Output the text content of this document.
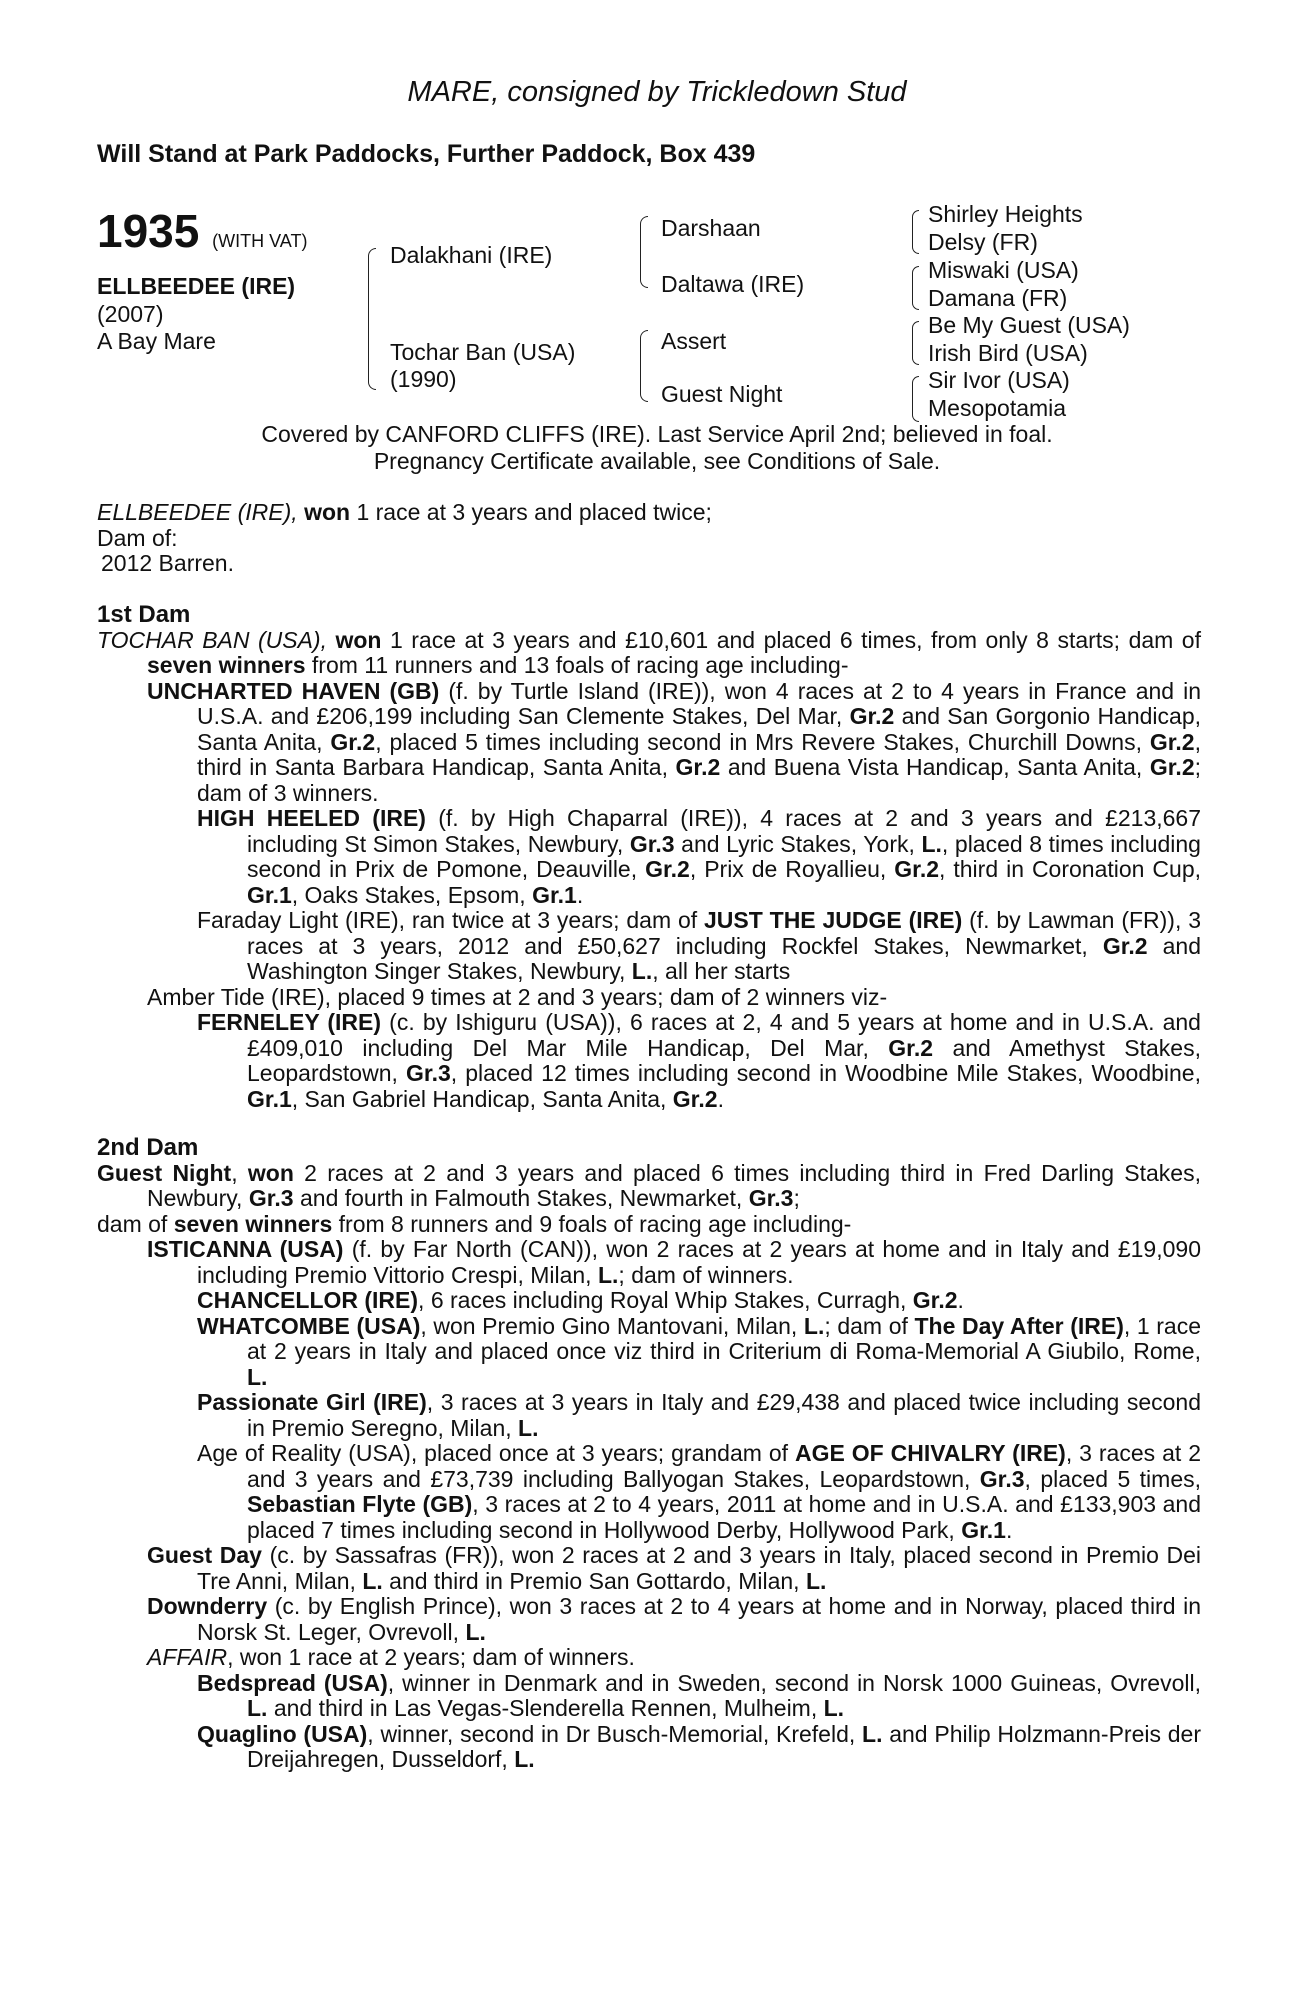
MARE, consigned by Trickledown Stud
Will Stand at Park Paddocks, Further Paddock, Box 439
1935 (WITH VAT)
ELLBEEDEE (IRE)
(2007)
A Bay Mare
Dalakhani (IRE)
Tochar Ban (USA)
(1990)
Darshaan
Daltawa (IRE)
Assert
Guest Night
Shirley Heights
Delsy (FR)
Miswaki (USA)
Damana (FR)
Be My Guest (USA)
Irish Bird (USA)
Sir Ivor (USA)
Mesopotamia
Covered by CANFORD CLIFFS (IRE). Last Service April 2nd; believed in foal.
Pregnancy Certificate available, see Conditions of Sale.

ELLBEEDEE (IRE), won 1 race at 3 years and placed twice;

Dam of:

2012 Barren.

1st Dam

TOCHAR BAN (USA), won 1 race at 3 years and £10,601 and placed 6 times, from only 8 starts; dam of seven winners from 11 runners and 13 foals of racing age including-

UNCHARTED HAVEN (GB) (f. by Turtle Island (IRE)), won 4 races at 2 to 4 years in France and in U.S.A. and £206,199 including San Clemente Stakes, Del Mar, Gr.2 and San Gorgonio Handicap, Santa Anita, Gr.2, placed 5 times including second in Mrs Revere Stakes, Churchill Downs, Gr.2, third in Santa Barbara Handicap, Santa Anita, Gr.2 and Buena Vista Handicap, Santa Anita, Gr.2; dam of 3 winners.

HIGH HEELED (IRE) (f. by High Chaparral (IRE)), 4 races at 2 and 3 years and £213,667 including St Simon Stakes, Newbury, Gr.3 and Lyric Stakes, York, L., placed 8 times including second in Prix de Pomone, Deauville, Gr.2, Prix de Royallieu, Gr.2, third in Coronation Cup, Gr.1, Oaks Stakes, Epsom, Gr.1.

Faraday Light (IRE), ran twice at 3 years; dam of JUST THE JUDGE (IRE) (f. by Lawman (FR)), 3 races at 3 years, 2012 and £50,627 including Rockfel Stakes, Newmarket, Gr.2 and Washington Singer Stakes, Newbury, L., all her starts

Amber Tide (IRE), placed 9 times at 2 and 3 years; dam of 2 winners viz-

FERNELEY (IRE) (c. by Ishiguru (USA)), 6 races at 2, 4 and 5 years at home and in U.S.A. and £409,010 including Del Mar Mile Handicap, Del Mar, Gr.2 and Amethyst Stakes, Leopardstown, Gr.3, placed 12 times including second in Woodbine Mile Stakes, Woodbine, Gr.1, San Gabriel Handicap, Santa Anita, Gr.2.

2nd Dam

Guest Night, won 2 races at 2 and 3 years and placed 6 times including third in Fred Darling Stakes, Newbury, Gr.3 and fourth in Falmouth Stakes, Newmarket, Gr.3;

dam of seven winners from 8 runners and 9 foals of racing age including-

ISTICANNA (USA) (f. by Far North (CAN)), won 2 races at 2 years at home and in Italy and £19,090 including Premio Vittorio Crespi, Milan, L.; dam of winners.

CHANCELLOR (IRE), 6 races including Royal Whip Stakes, Curragh, Gr.2.

WHATCOMBE (USA), won Premio Gino Mantovani, Milan, L.; dam of The Day After (IRE), 1 race at 2 years in Italy and placed once viz third in Criterium di Roma-Memorial A Giubilo, Rome, L.

Passionate Girl (IRE), 3 races at 3 years in Italy and £29,438 and placed twice including second in Premio Seregno, Milan, L.

Age of Reality (USA), placed once at 3 years; grandam of AGE OF CHIVALRY (IRE), 3 races at 2 and 3 years and £73,739 including Ballyogan Stakes, Leopardstown, Gr.3, placed 5 times, Sebastian Flyte (GB), 3 races at 2 to 4 years, 2011 at home and in U.S.A. and £133,903 and placed 7 times including second in Hollywood Derby, Hollywood Park, Gr.1.

Guest Day (c. by Sassafras (FR)), won 2 races at 2 and 3 years in Italy, placed second in Premio Dei Tre Anni, Milan, L. and third in Premio San Gottardo, Milan, L.

Downderry (c. by English Prince), won 3 races at 2 to 4 years at home and in Norway, placed third in Norsk St. Leger, Ovrevoll, L.

AFFAIR, won 1 race at 2 years; dam of winners.

Bedspread (USA), winner in Denmark and in Sweden, second in Norsk 1000 Guineas, Ovrevoll, L. and third in Las Vegas-Slenderella Rennen, Mulheim, L.

Quaglino (USA), winner, second in Dr Busch-Memorial, Krefeld, L. and Philip Holzmann-Preis der Dreijahregen, Dusseldorf, L.
